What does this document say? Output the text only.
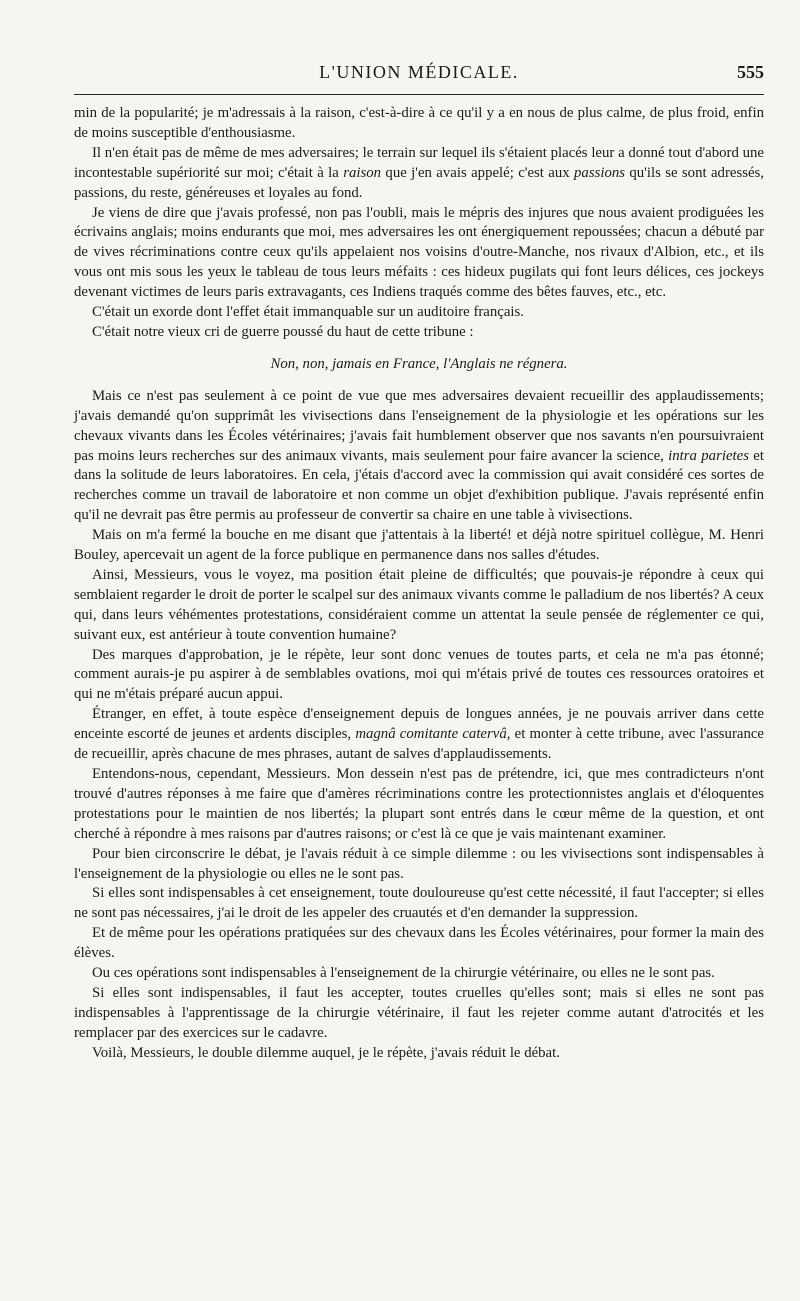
L'UNION MÉDICALE.	555

min de la popularité; je m'adressais à la raison, c'est-à-dire à ce qu'il y a en nous de plus calme, de plus froid, enfin de moins susceptible d'enthousiasme.

Il n'en était pas de même de mes adversaires; le terrain sur lequel ils s'étaient placés leur a donné tout d'abord une incontestable supériorité sur moi; c'était à la raison que j'en avais appelé; c'est aux passions qu'ils se sont adressés, passions, du reste, généreuses et loyales au fond.

Je viens de dire que j'avais professé, non pas l'oubli, mais le mépris des injures que nous avaient prodiguées les écrivains anglais; moins endurants que moi, mes adversaires les ont énergiquement repoussées; chacun a débuté par de vives récriminations contre ceux qu'ils appelaient nos voisins d'outre-Manche, nos rivaux d'Albion, etc., et ils vous ont mis sous les yeux le tableau de tous leurs méfaits : ces hideux pugilats qui font leurs délices, ces jockeys devenant victimes de leurs paris extravagants, ces Indiens traqués comme des bêtes fauves, etc., etc.

C'était un exorde dont l'effet était immanquable sur un auditoire français.

C'était notre vieux cri de guerre poussé du haut de cette tribune :

Non, non, jamais en France, l'Anglais ne régnera.

Mais ce n'est pas seulement à ce point de vue que mes adversaires devaient recueillir des applaudissements; j'avais demandé qu'on supprimât les vivisections dans l'enseignement de la physiologie et les opérations sur les chevaux vivants dans les Écoles vétérinaires; j'avais fait humblement observer que nos savants n'en poursuivraient pas moins leurs recherches sur des animaux vivants, mais seulement pour faire avancer la science, intra parietes et dans la solitude de leurs laboratoires. En cela, j'étais d'accord avec la commission qui avait considéré ces sortes de recherches comme un travail de laboratoire et non comme un objet d'exhibition publique. J'avais représenté enfin qu'il ne devrait pas être permis au professeur de convertir sa chaire en une table à vivisections.

Mais on m'a fermé la bouche en me disant que j'attentais à la liberté! et déjà notre spirituel collègue, M. Henri Bouley, apercevait un agent de la force publique en permanence dans nos salles d'études.

Ainsi, Messieurs, vous le voyez, ma position était pleine de difficultés; que pouvais-je répondre à ceux qui semblaient regarder le droit de porter le scalpel sur des animaux vivants comme le palladium de nos libertés? A ceux qui, dans leurs véhémentes protestations, considéraient comme un attentat la seule pensée de réglementer ce qui, suivant eux, est antérieur à toute convention humaine?

Des marques d'approbation, je le répète, leur sont donc venues de toutes parts, et cela ne m'a pas étonné; comment aurais-je pu aspirer à de semblables ovations, moi qui m'étais privé de toutes ces ressources oratoires et qui ne m'étais préparé aucun appui.

Étranger, en effet, à toute espèce d'enseignement depuis de longues années, je ne pouvais arriver dans cette enceinte escorté de jeunes et ardents disciples, magnâ comitante catervâ, et monter à cette tribune, avec l'assurance de recueillir, après chacune de mes phrases, autant de salves d'applaudissements.

Entendons-nous, cependant, Messieurs. Mon dessein n'est pas de prétendre, ici, que mes contradicteurs n'ont trouvé d'autres réponses à me faire que d'amères récriminations contre les protectionnistes anglais et d'éloquentes protestations pour le maintien de nos libertés; la plupart sont entrés dans le cœur même de la question, et ont cherché à répondre à mes raisons par d'autres raisons; or c'est là ce que je vais maintenant examiner.

Pour bien circonscrire le débat, je l'avais réduit à ce simple dilemme : ou les vivisections sont indispensables à l'enseignement de la physiologie ou elles ne le sont pas.

Si elles sont indispensables à cet enseignement, toute douloureuse qu'est cette nécessité, il faut l'accepter; si elles ne sont pas nécessaires, j'ai le droit de les appeler des cruautés et d'en demander la suppression.

Et de même pour les opérations pratiquées sur des chevaux dans les Écoles vétérinaires, pour former la main des élèves.

Ou ces opérations sont indispensables à l'enseignement de la chirurgie vétérinaire, ou elles ne le sont pas.

Si elles sont indispensables, il faut les accepter, toutes cruelles qu'elles sont; mais si elles ne sont pas indispensables à l'apprentissage de la chirurgie vétérinaire, il faut les rejeter comme autant d'atrocités et les remplacer par des exercices sur le cadavre.

Voilà, Messieurs, le double dilemme auquel, je le répète, j'avais réduit le débat.
